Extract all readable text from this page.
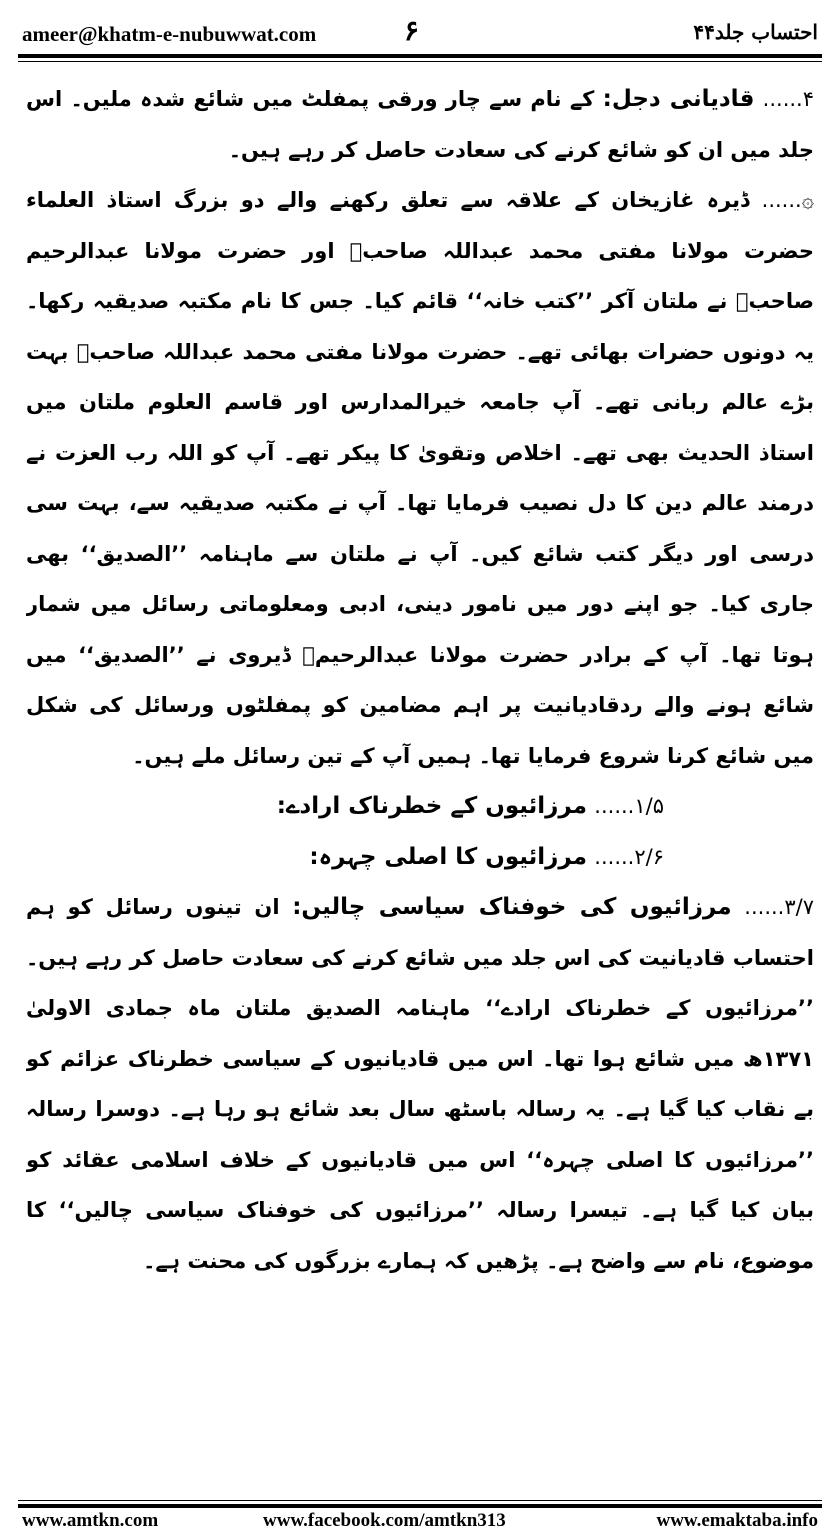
ameer@khatm-e-nubuwwat.com	۶	احتساب جلد۴۴

۴...... قادیانی دجل: کے نام سے چار ورقی پمفلٹ میں شائع شدہ ملیں۔ اس جلد میں ان کو شائع کرنے کی سعادت حاصل کر رہے ہیں۔

۞...... ڈیرہ غازیخان کے علاقہ سے تعلق رکھنے والے دو بزرگ استاذ العلماء حضرت مولانا مفتی محمد عبداللہ صاحبؒ اور حضرت مولانا عبدالرحیم صاحبؒ نے ملتان آکر ’’کتب خانہ‘‘ قائم کیا۔ جس کا نام مکتبہ صدیقیہ رکھا۔ یہ دونوں حضرات بھائی تھے۔ حضرت مولانا مفتی محمد عبداللہ صاحبؒ بہت بڑے عالم ربانی تھے۔ آپ جامعہ خیرالمدارس اور قاسم العلوم ملتان میں استاذ الحدیث بھی تھے۔ اخلاص وتقویٰ کا پیکر تھے۔ آپ کو اللہ رب العزت نے درمند عالم دین کا دل نصیب فرمایا تھا۔ آپ نے مکتبہ صدیقیہ سے، بہت سی درسی اور دیگر کتب شائع کیں۔ آپ نے ملتان سے ماہنامہ ’’الصدیق‘‘ بھی جاری کیا۔ جو اپنے دور میں نامور دینی، ادبی ومعلوماتی رسائل میں شمار ہوتا تھا۔ آپ کے برادر حضرت مولانا عبدالرحیمؒ ڈیروی نے ’’الصدیق‘‘ میں شائع ہونے والے ردقادیانیت پر اہم مضامین کو پمفلٹوں ورسائل کی شکل میں شائع کرنا شروع فرمایا تھا۔ ہمیں آپ کے تین رسائل ملے ہیں۔

۱/۵...... مرزائیوں کے خطرناک ارادے:

۲/۶...... مرزائیوں کا اصلی چہرہ:

۳/۷...... مرزائیوں کی خوفناک سیاسی چالیں: ان تینوں رسائل کو ہم احتساب قادیانیت کی اس جلد میں شائع کرنے کی سعادت حاصل کر رہے ہیں۔ ’’مرزائیوں کے خطرناک ارادے‘‘ ماہنامہ الصدیق ملتان ماہ جمادی الاولیٰ ۱۳۷۱ھ میں شائع ہوا تھا۔ اس میں قادیانیوں کے سیاسی خطرناک عزائم کو بے نقاب کیا گیا ہے۔ یہ رسالہ باسٹھ سال بعد شائع ہو رہا ہے۔ دوسرا رسالہ ’’مرزائیوں کا اصلی چہرہ‘‘ اس میں قادیانیوں کے خلاف اسلامی عقائد کو بیان کیا گیا ہے۔ تیسرا رسالہ ’’مرزائیوں کی خوفناک سیاسی چالیں‘‘ کا موضوع، نام سے واضح ہے۔ پڑھیں کہ ہمارے بزرگوں کی محنت ہے۔

www.amtkn.com	www.facebook.com/amtkn313	www.emaktaba.info
